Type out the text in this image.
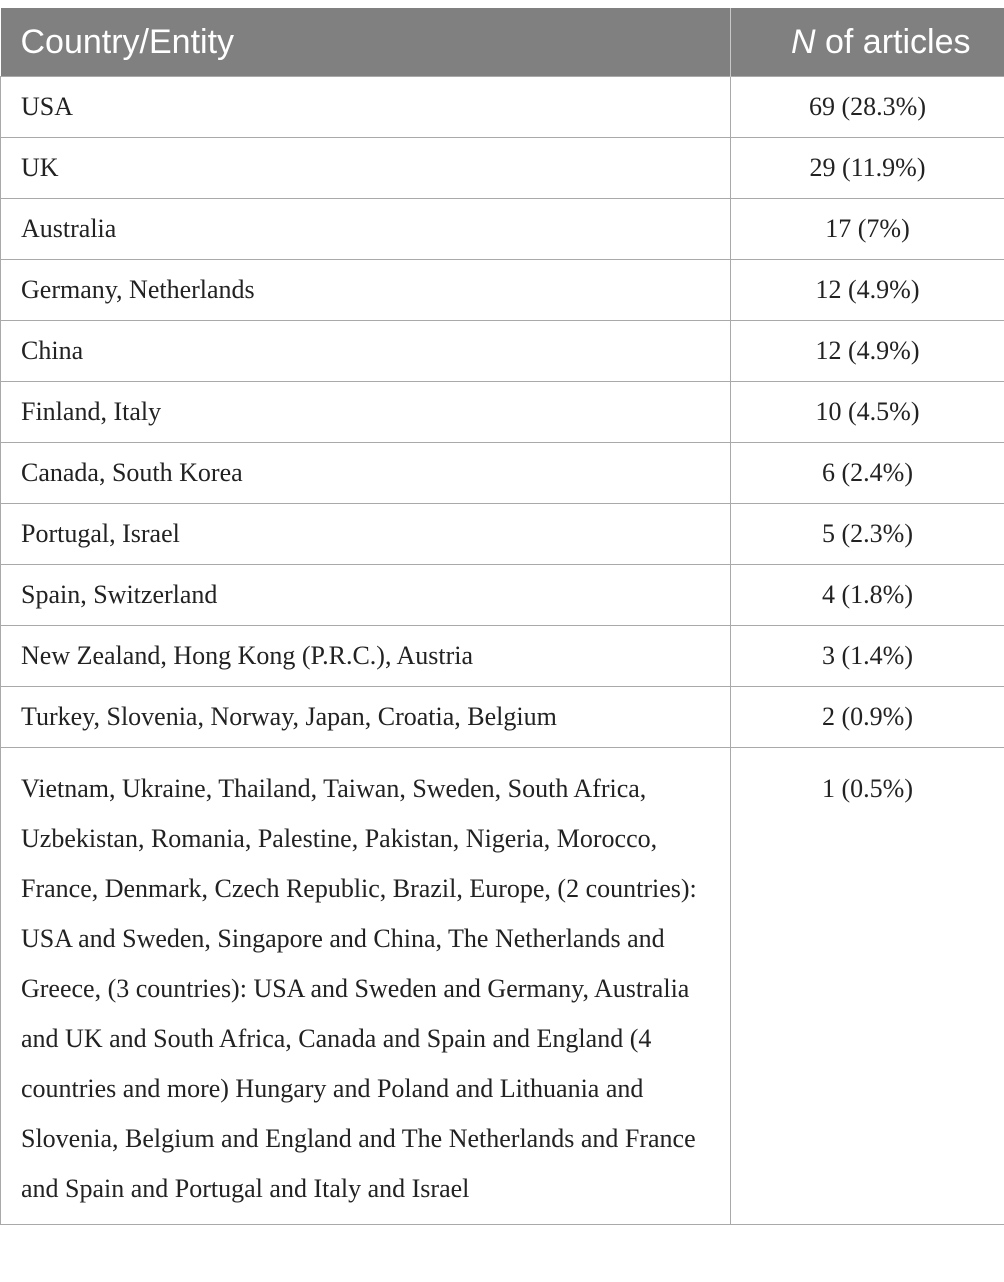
Country/Entity	N of articles
USA	69 (28.3%)
UK	29 (11.9%)
Australia	17 (7%)
Germany, Netherlands	12 (4.9%)
China	12 (4.9%)
Finland, Italy	10 (4.5%)
Canada, South Korea	6 (2.4%)
Portugal, Israel	5 (2.3%)
Spain, Switzerland	4 (1.8%)
New Zealand, Hong Kong (P.R.C.), Austria	3 (1.4%)
Turkey, Slovenia, Norway, Japan, Croatia, Belgium	2 (0.9%)
Vietnam, Ukraine, Thailand, Taiwan, Sweden, South Africa, Uzbekistan, Romania, Palestine, Pakistan, Nigeria, Morocco, France, Denmark, Czech Republic, Brazil, Europe, (2 countries): USA and Sweden, Singapore and China, The Netherlands and Greece, (3 countries): USA and Sweden and Germany, Australia and UK and South Africa, Canada and Spain and England (4 countries and more) Hungary and Poland and Lithuania and Slovenia, Belgium and England and The Netherlands and France and Spain and Portugal and Italy and Israel	1 (0.5%)
